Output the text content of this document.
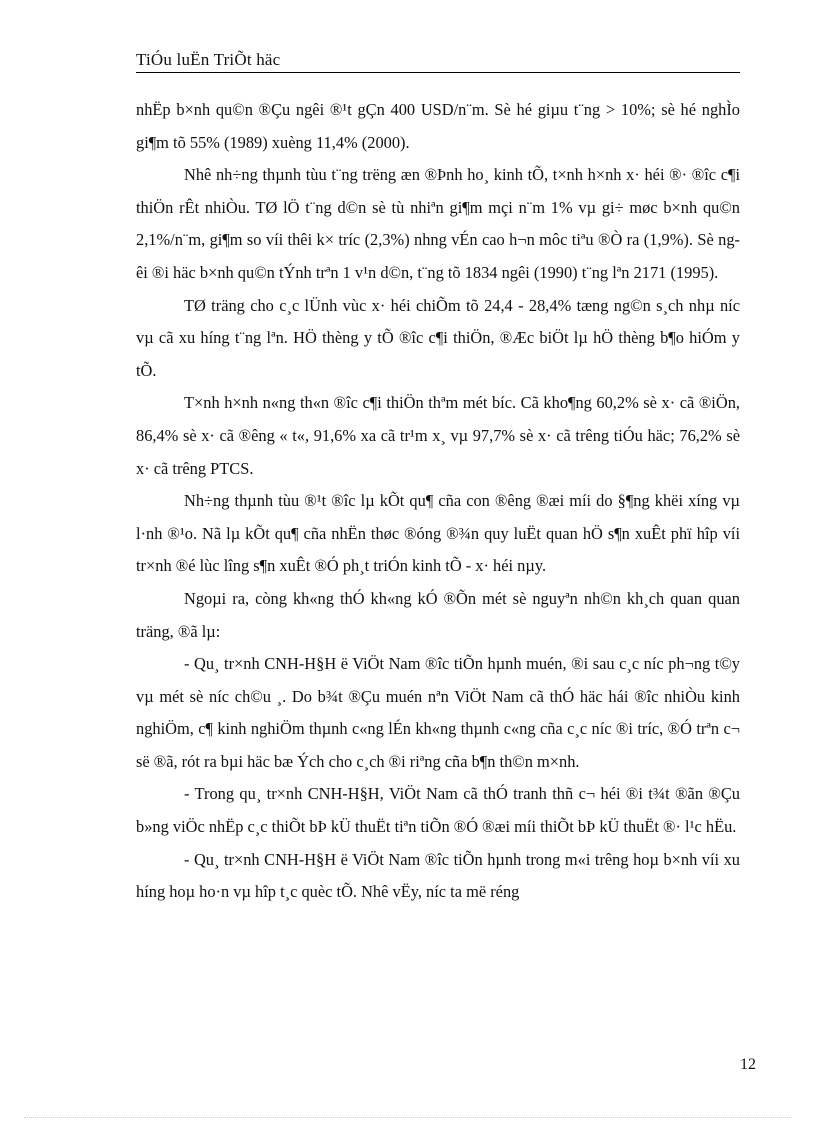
TiÓu luËn TriÕt häc

nhËp b×nh qu©n ®Çu ngêi ®¹t gÇn 400 USD/n¨m. Sè hé giµu t¨ng > 10%; sè hé nghÌo gi¶m tõ 55% (1989) xuèng 11,4% (2000).

Nhê nh÷ng thµnh tùu t¨ng trëng æn ®Þnh ho¸ kinh tÕ, t×nh h×nh x· héi ®· ®îc c¶i thiÖn rÊt nhiÒu. TØ lÖ t¨ng d©n sè tù nhiªn gi¶m mçi n¨m 1% vµ gi÷ møc b×nh qu©n 2,1%/n¨m, gi¶m so víi thêi k× tríc (2,3%) nhng vÉn cao h¬n môc tiªu ®Ò ra (1,9%). Sè ngêi ®i häc b×nh qu©n tÝnh trªn 1 v¹n d©n, t¨ng tõ 1834 ngêi (1990) t¨ng lªn 2171 (1995).

TØ träng cho c¸c lÜnh vùc x· héi chiÕm tõ 24,4 - 28,4% tæng ng©n s¸ch nhµ níc vµ cã xu híng t¨ng lªn. HÖ thèng y tÕ ®îc c¶i thiÖn, ®Æc biÖt lµ hÖ thèng b¶o hiÓm y tÕ.

T×nh h×nh n«ng th«n ®îc c¶i thiÖn thªm mét bíc. Cã kho¶ng 60,2% sè x· cã ®iÖn, 86,4% sè x· cã ®êng « t«, 91,6% xa cã tr¹m x¸ vµ 97,7% sè x· cã trêng tiÓu häc; 76,2% sè x· cã trêng PTCS.

Nh÷ng thµnh tùu ®¹t ®îc lµ kÕt qu¶ cña con ®êng ®æi míi do §¶ng khëi xíng vµ l·nh ®¹o. Nã lµ kÕt qu¶ cña nhËn thøc ®óng ®¾n quy luËt quan hÖ s¶n xuÊt phï hîp víi tr×nh ®é lùc lîng s¶n xuÊt ®Ó ph¸t triÓn kinh tÕ - x· héi nµy.

Ngoµi ra, còng kh«ng thÓ kh«ng kÓ ®Õn mét sè nguyªn nh©n kh¸ch quan quan träng, ®ã lµ:

- Qu¸ tr×nh CNH-H§H ë ViÖt Nam ®îc tiÕn hµnh muén, ®i sau c¸c níc ph¬ng t©y vµ mét sè níc ch©u ¸. Do b¾t ®Çu muén nªn ViÖt Nam cã thÓ häc hái ®îc nhiÒu kinh nghiÖm, c¶ kinh nghiÖm thµnh c«ng lÉn kh«ng thµnh c«ng cña c¸c níc ®i tríc, ®Ó trªn c¬ së ®ã, rót ra bµi häc bæ Ých cho c¸ch ®i riªng cña b¶n th©n m×nh.

- Trong qu¸ tr×nh CNH-H§H, ViÖt Nam cã thÓ tranh thñ c¬ héi ®i t¾t ®ãn ®Çu b»ng viÖc nhËp c¸c thiÕt bÞ kÜ thuËt tiªn tiÕn ®Ó ®æi míi thiÕt bÞ kÜ thuËt ®· l¹c hËu.

- Qu¸ tr×nh CNH-H§H ë ViÖt Nam ®îc tiÕn hµnh trong m«i trêng hoµ b×nh víi xu híng hoµ ho·n vµ hîp t¸c quèc tÕ. Nhê vËy, níc ta më réng

12
